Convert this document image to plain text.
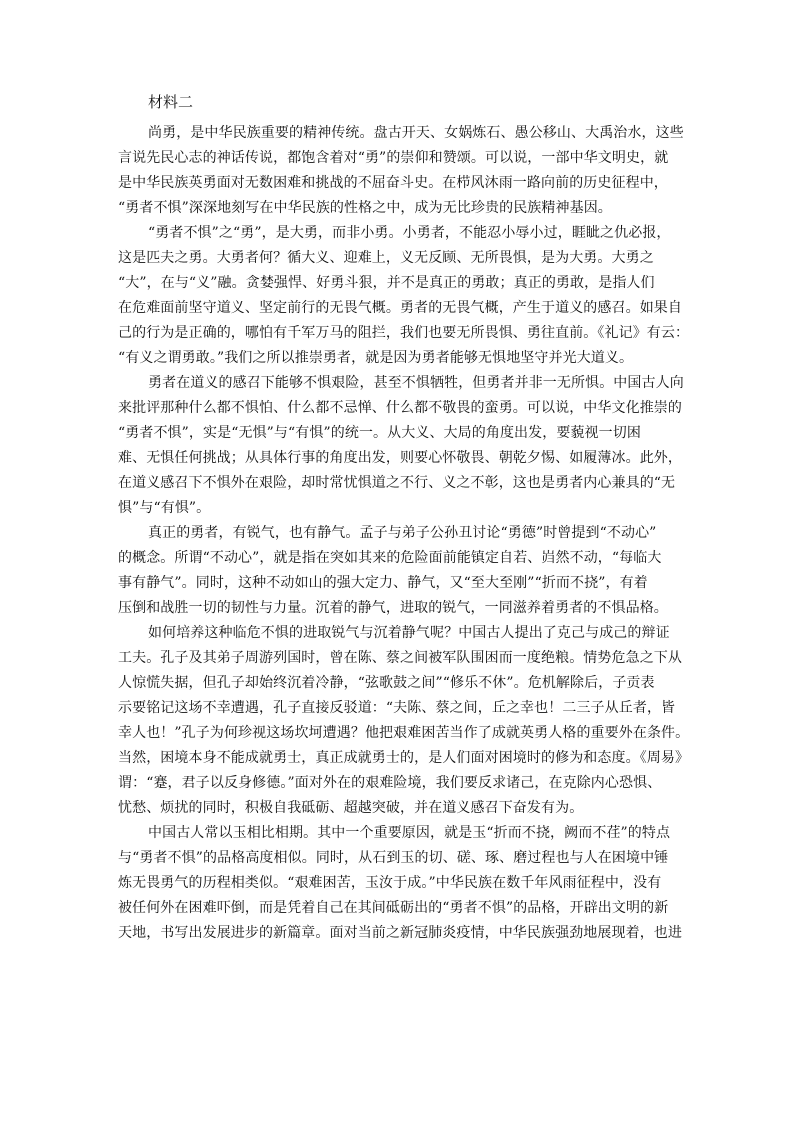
材料二
尚勇，是中华民族重要的精神传统。盘古开天、女娲炼石、愚公移山、大禹治水，这些
言说先民心志的神话传说，都饱含着对“勇”的崇仰和赞颂。可以说，一部中华文明史，就
是中华民族英勇面对无数困难和挑战的不屈奋斗史。在栉风沐雨一路向前的历史征程中，
“勇者不惧”深深地刻写在中华民族的性格之中，成为无比珍贵的民族精神基因。
“勇者不惧”之“勇”，是大勇，而非小勇。小勇者，不能忍小辱小过，睚眦之仇必报，
这是匹夫之勇。大勇者何？循大义、迎难上，义无反顾、无所畏惧，是为大勇。大勇之
“大”，在与“义”融。贪婪强悍、好勇斗狠，并不是真正的勇敢；真正的勇敢，是指人们
在危难面前坚守道义、坚定前行的无畏气概。勇者的无畏气概，产生于道义的感召。如果自
己的行为是正确的，哪怕有千军万马的阻拦，我们也要无所畏惧、勇往直前。《礼记》有云：
“有义之谓勇敢。”我们之所以推崇勇者，就是因为勇者能够无惧地坚守并光大道义。
勇者在道义的感召下能够不惧艰险，甚至不惧牺牲，但勇者并非一无所惧。中国古人向
来批评那种什么都不惧怕、什么都不忌惮、什么都不敬畏的蛮勇。可以说，中华文化推崇的
“勇者不惧”，实是“无惧”与“有惧”的统一。从大义、大局的角度出发，要藐视一切困
难、无惧任何挑战；从具体行事的角度出发，则要心怀敬畏、朝乾夕惕、如履薄冰。此外，
在道义感召下不惧外在艰险，却时常忧惧道之不行、义之不彰，这也是勇者内心兼具的“无
惧”与“有惧”。
真正的勇者，有锐气，也有静气。孟子与弟子公孙丑讨论“勇德”时曾提到“不动心”
的概念。所谓“不动心”，就是指在突如其来的危险面前能镇定自若、岿然不动，“每临大
事有静气”。同时，这种不动如山的强大定力、静气，又“至大至刚”“折而不挠”，有着
压倒和战胜一切的韧性与力量。沉着的静气，进取的锐气，一同滋养着勇者的不惧品格。
如何培养这种临危不惧的进取锐气与沉着静气呢？中国古人提出了克己与成己的辩证
工夫。孔子及其弟子周游列国时，曾在陈、蔡之间被军队围困而一度绝粮。情势危急之下从
人惊慌失据，但孔子却始终沉着冷静，“弦歌鼓之间”“修乐不休”。危机解除后，子贡表
示要铭记这场不幸遭遇，孔子直接反驳道：“夫陈、蔡之间，丘之幸也！二三子从丘者，皆
幸人也！”孔子为何珍视这场坎坷遭遇？他把艰难困苦当作了成就英勇人格的重要外在条件。
当然，困境本身不能成就勇士，真正成就勇士的，是人们面对困境时的修为和态度。《周易》
谓：“蹇，君子以反身修德。”面对外在的艰难险境，我们要反求诸己，在克除内心恐惧、
忧愁、烦扰的同时，积极自我砥砺、超越突破，并在道义感召下奋发有为。
中国古人常以玉相比相期。其中一个重要原因，就是玉“折而不挠，阙而不荏”的特点
与“勇者不惧”的品格高度相似。同时，从石到玉的切、磋、琢、磨过程也与人在困境中锤
炼无畏勇气的历程相类似。“艰难困苦，玉汝于成。”中华民族在数千年风雨征程中，没有
被任何外在困难吓倒，而是凭着自己在其间砥砺出的“勇者不惧”的品格，开辟出文明的新
天地，书写出发展进步的新篇章。面对当前之新冠肺炎疫情，中华民族强劲地展现着，也进
